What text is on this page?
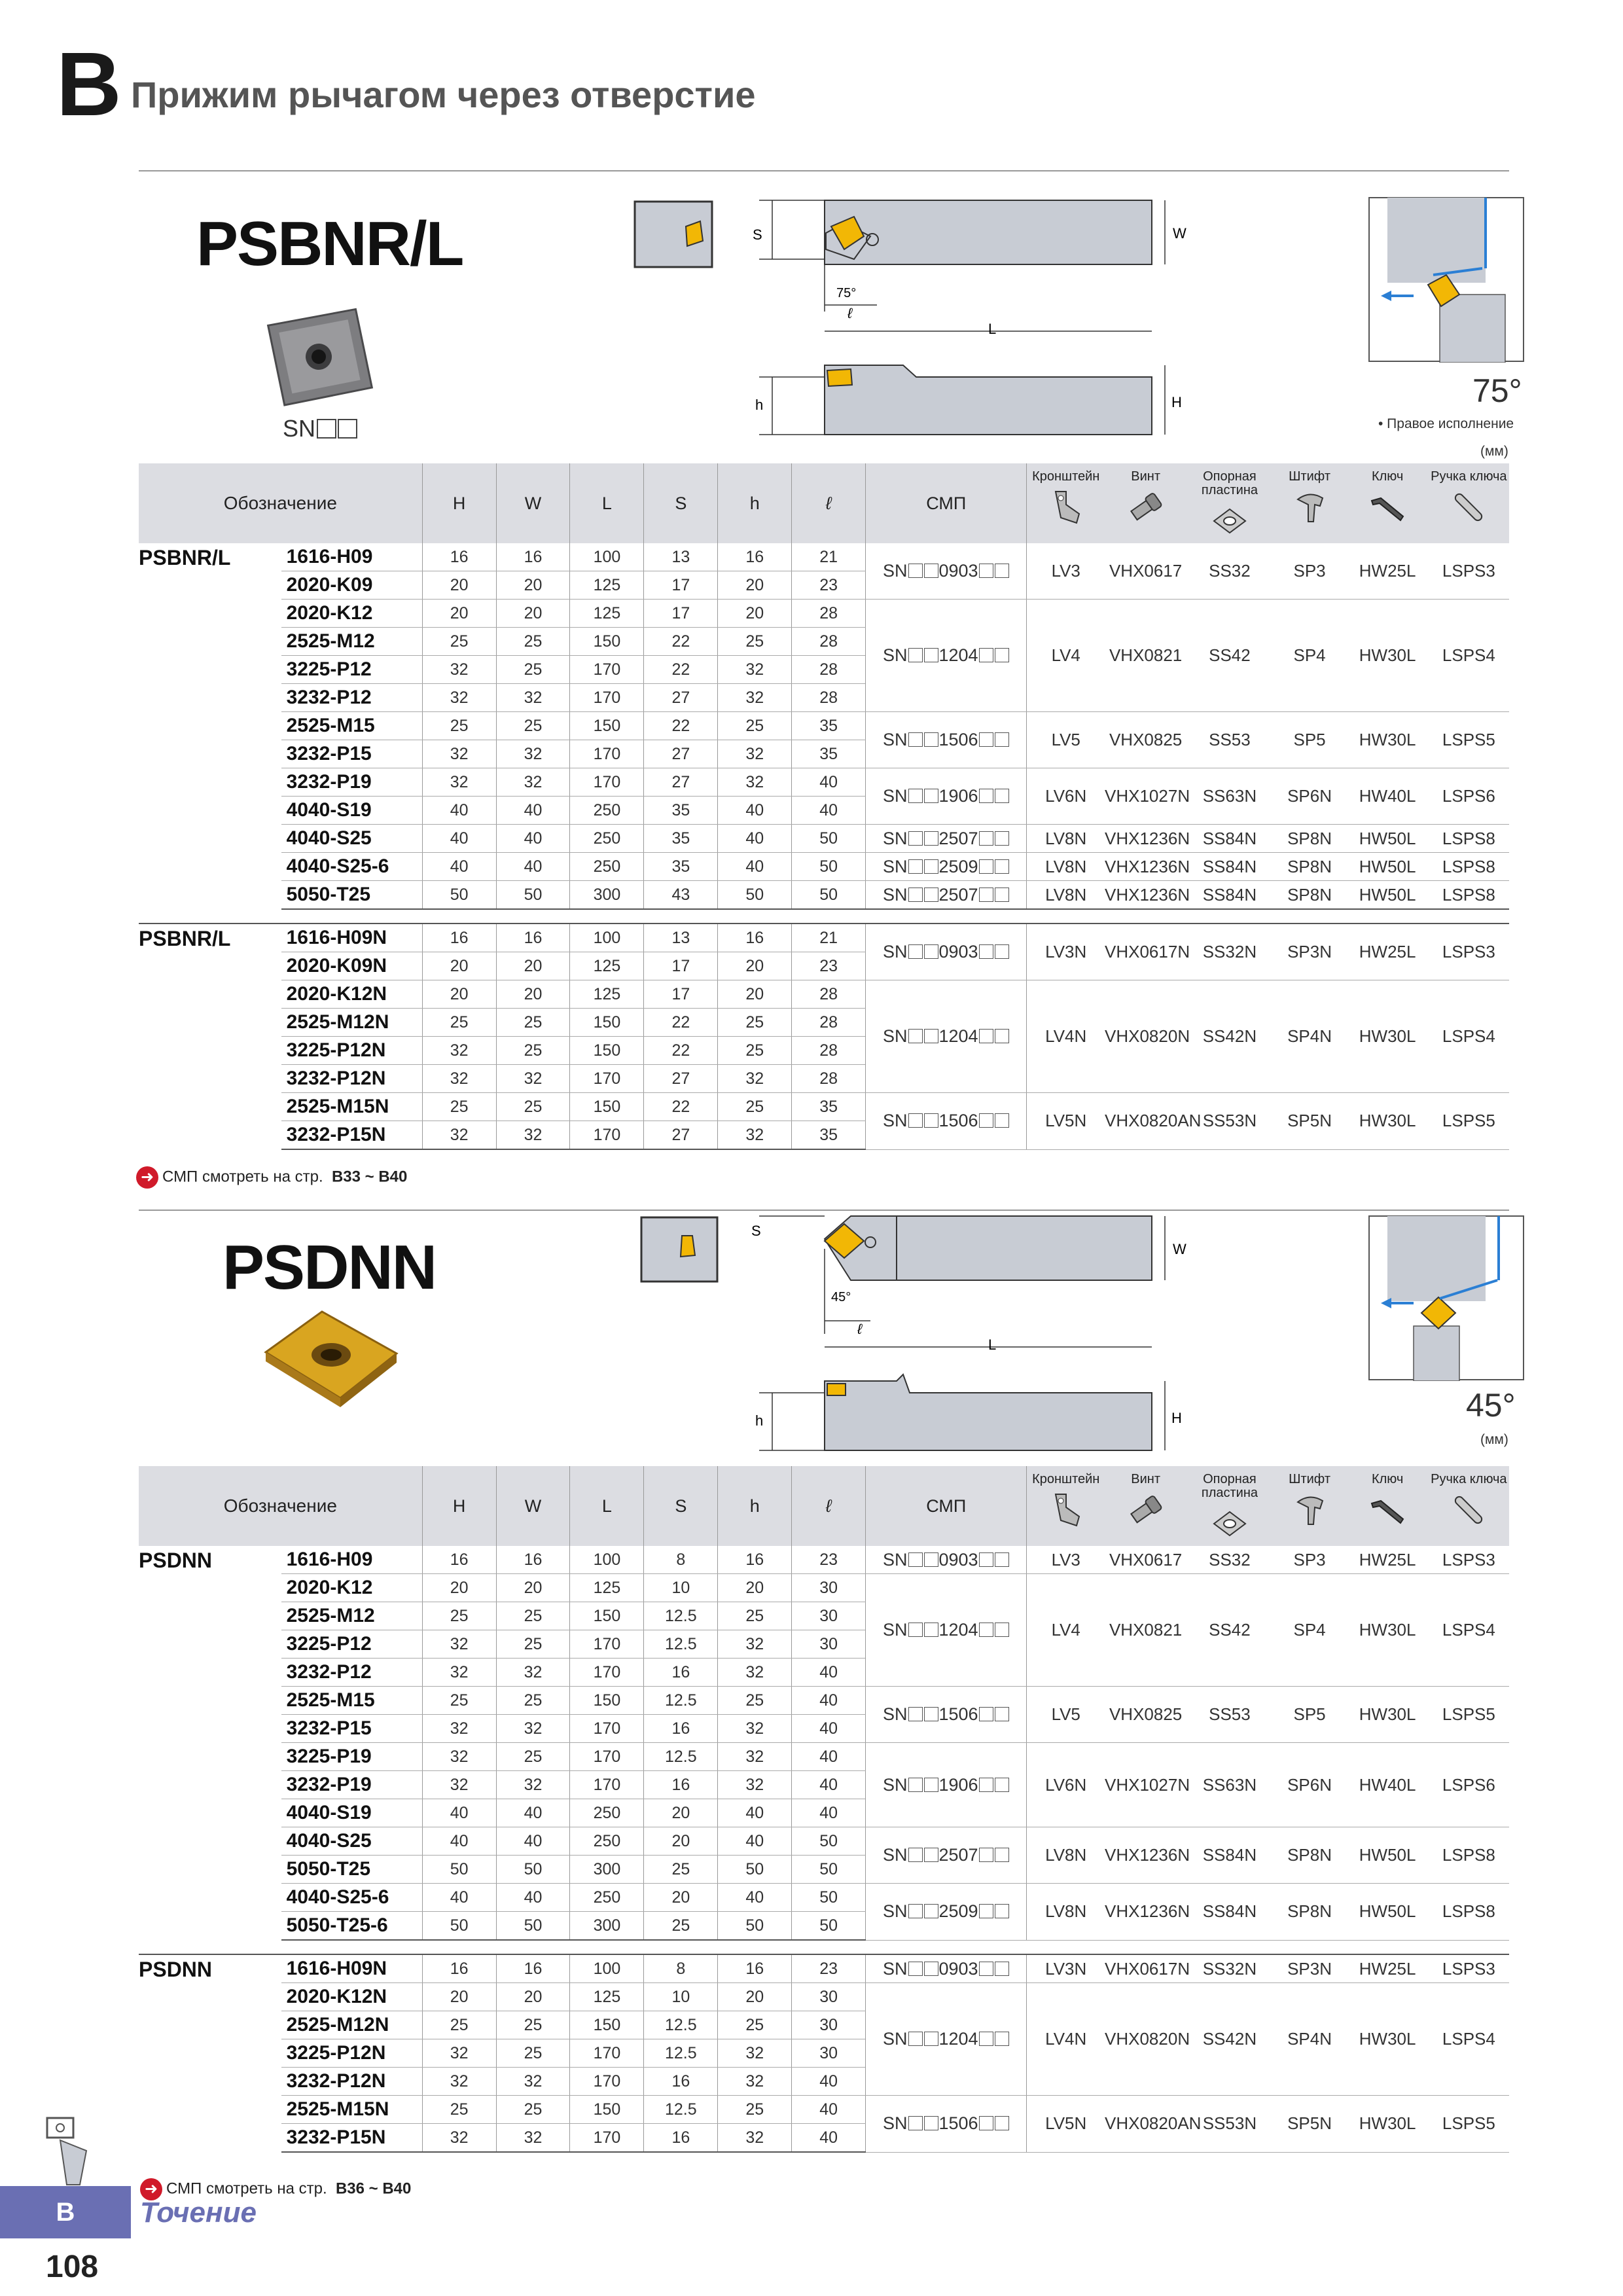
B Прижим рычагом через отверстие
PSBNR/L
SN
S	W
75°
ℓ
L
h	H	75°
• Правое исполнение
(мм)
Обозначение		H	W	L	S	h	ℓ	СМП	Кронштейн	Винт	Опорная пластина	Штифт	Ключ	Ручка ключа

PSBNR/L	1616-H09	16	16	100	13	16	21	SN 0903	LV3	VHX0617	SS32	SP3	HW25L	LSPS3
	2020-K09	20	20	125	17	20	23							
	2020-K12	20	20	125	17	20	28	SN 1204	LV4	VHX0821	SS42	SP4	HW30L	LSPS4
	2525-M12	25	25	150	22	25	28							
	3225-P12	32	25	170	22	32	28							
	3232-P12	32	32	170	27	32	28							
	2525-M15	25	25	150	22	25	35	SN 1506	LV5	VHX0825	SS53	SP5	HW30L	LSPS5
	3232-P15	32	32	170	27	32	35							
	3232-P19	32	32	170	27	32	40	SN 1906	LV6N	VHX1027N	SS63N	SP6N	HW40L	LSPS6
	4040-S19	40	40	250	35	40	40							
	4040-S25	40	40	250	35	40	50	SN 2507	LV8N	VHX1236N	SS84N	SP8N	HW50L	LSPS8
	4040-S25-6	40	40	250	35	40	50	SN 2509	LV8N	VHX1236N	SS84N	SP8N	HW50L	LSPS8
	5050-T25	50	50	300	43	50	50	SN 2507	LV8N	VHX1236N	SS84N	SP8N	HW50L	LSPS8

PSBNR/L	1616-H09N	16	16	100	13	16	21	SN 0903	LV3N	VHX0617N	SS32N	SP3N	HW25L	LSPS3
	2020-K09N	20	20	125	17	20	23							
	2020-K12N	20	20	125	17	20	28	SN 1204	LV4N	VHX0820N	SS42N	SP4N	HW30L	LSPS4
	2525-M12N	25	25	150	22	25	28							
	3225-P12N	32	25	150	22	25	28							
	3232-P12N	32	32	170	27	32	28							
	2525-M15N	25	25	150	22	25	35	SN 1506	LV5N	VHX0820AN	SS53N	SP5N	HW30L	LSPS5
	3232-P15N	32	32	170	27	32	35							
➜ СМП смотреть на стр. B33 ~ B40
PSDNN
S
W
45°
ℓ
L
h	H	45°
(мм)
Обозначение		H	W	L	S	h	ℓ	СМП	Кронштейн	Винт	Опорная пластина	Штифт	Ключ	Ручка ключа

PSDNN	1616-H09	16	16	100	8	16	23	SN 0903	LV3	VHX0617	SS32	SP3	HW25L	LSPS3
	2020-K12	20	20	125	10	20	30	SN 1204	LV4	VHX0821	SS42	SP4	HW30L	LSPS4
	2525-M12	25	25	150	12.5	25	30							
	3225-P12	32	25	170	12.5	32	30							
	3232-P12	32	32	170	16	32	40							
	2525-M15	25	25	150	12.5	25	40	SN 1506	LV5	VHX0825	SS53	SP5	HW30L	LSPS5
	3232-P15	32	32	170	16	32	40							
	3225-P19	32	25	170	12.5	32	40	SN 1906	LV6N	VHX1027N	SS63N	SP6N	HW40L	LSPS6
	3232-P19	32	32	170	16	32	40							
	4040-S19	40	40	250	20	40	40							
	4040-S25	40	40	250	20	40	50	SN 2507	LV8N	VHX1236N	SS84N	SP8N	HW50L	LSPS8
	5050-T25	50	50	300	25	50	50							
	4040-S25-6	40	40	250	20	40	50	SN 2509	LV8N	VHX1236N	SS84N	SP8N	HW50L	LSPS8
	5050-T25-6	50	50	300	25	50	50							

PSDNN	1616-H09N	16	16	100	8	16	23	SN 0903	LV3N	VHX0617N	SS32N	SP3N	HW25L	LSPS3
	2020-K12N	20	20	125	10	20	30	SN 1204	LV4N	VHX0820N	SS42N	SP4N	HW30L	LSPS4
	2525-M12N	25	25	150	12.5	25	30							
	3225-P12N	32	25	170	12.5	32	30							
	3232-P12N	32	32	170	16	32	40							
	2525-M15N	25	25	150	12.5	25	40	SN 1506	LV5N	VHX0820AN	SS53N	SP5N	HW30L	LSPS5
	3232-P15N	32	32	170	16	32	40							
➜ СМП смотреть на стр. B36 ~ B40
B	Точение
108
